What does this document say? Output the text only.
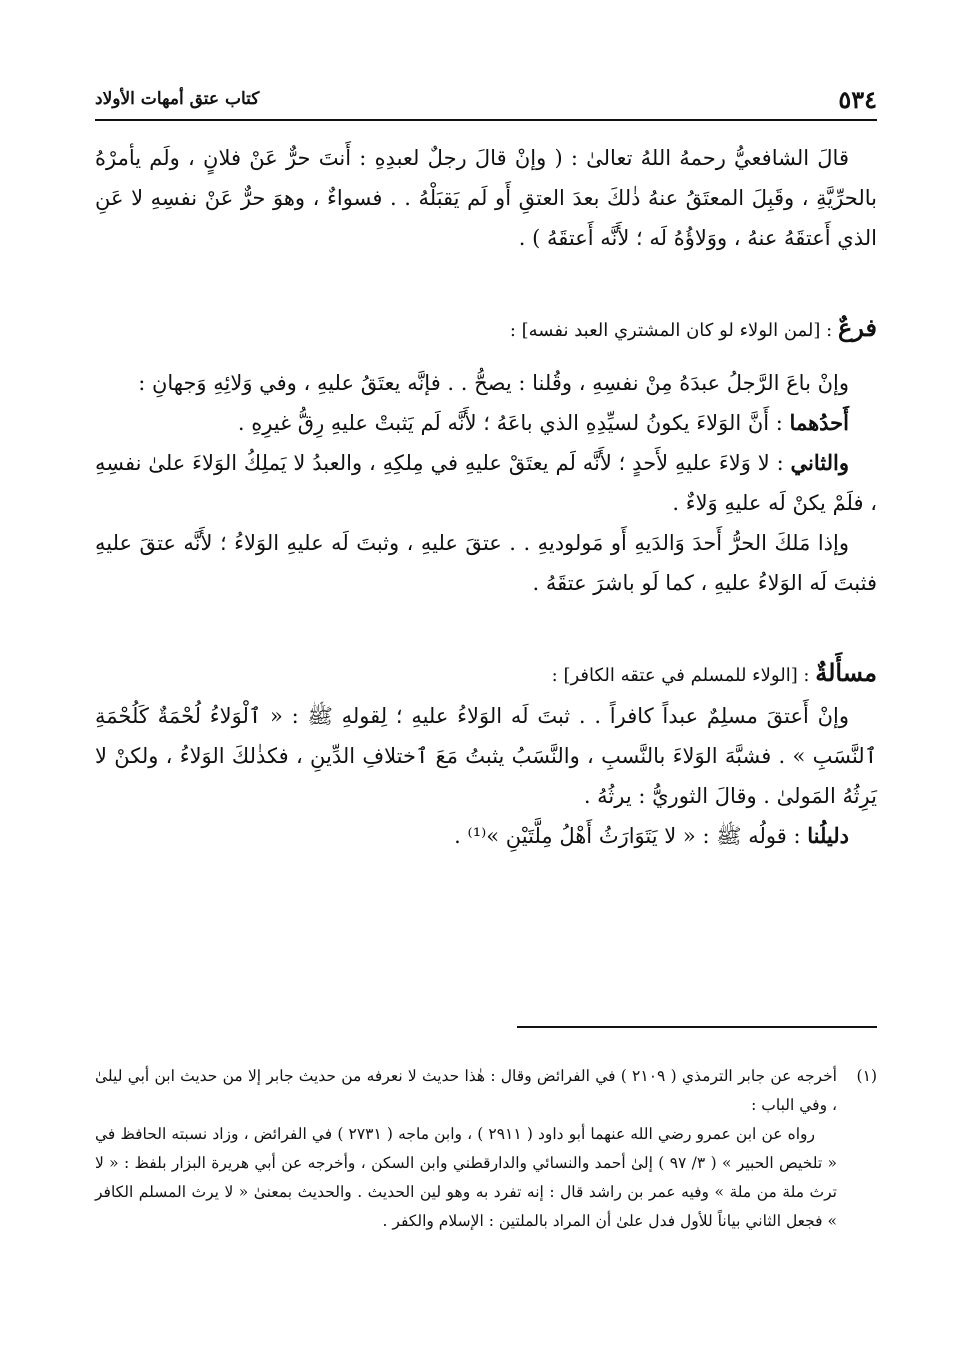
٥٣٤
كتاب عتق أمهات الأولاد

قالَ الشافعيُّ رحمهُ اللهُ تعالىٰ : ( وإنْ قالَ رجلٌ لعبدِهِ : أَنتَ حرٌّ عَنْ فلانٍ ، ولَم يأمرْهُ بالحرِّيَّةِ ، وقَبِلَ المعتَقُ عنهُ ذٰلكَ بعدَ العتقِ أَو لَم يَقبَلْهُ . . فسواءٌ ، وهوَ حرٌّ عَنْ نفسِهِ لا عَنِ الذي أَعتقَهُ عنهُ ، ووَلاؤُهُ لَه ؛ لأَنَّه أَعتقَهُ ) .

فرعٌ : [لمن الولاء لو كان المشتري العبد نفسه] :

وإنْ باعَ الرَّجلُ عبدَهُ مِنْ نفسِهِ ، وقُلنا : يصحُّ . . فإنَّه يعتَقُ عليهِ ، وفي وَلائِهِ وَجهانِ :

أَحدُهما : أَنَّ الوَلاءَ يكونُ لسيِّدِهِ الذي باعَهُ ؛ لأَنَّه لَم يَثبتْ عليهِ رِقُّ غيرِهِ .

والثاني : لا وَلاءَ عليهِ لأَحدٍ ؛ لأَنَّه لَم يعتَقْ عليهِ في مِلكِهِ ، والعبدُ لا يَملِكُ الوَلاءَ علىٰ نفسِهِ ، فلَمْ يكنْ لَه عليهِ وَلاءٌ .

وإذا مَلكَ الحرُّ أَحدَ وَالدَيهِ أَو مَولوديهِ . . عتقَ عليهِ ، وثبتَ لَه عليهِ الوَلاءُ ؛ لأَنَّه عتقَ عليهِ فثبتَ لَه الوَلاءُ عليهِ ، كما لَو باشرَ عتقَهُ .

مسأَلةٌ : [الولاء للمسلم في عتقه الكافر] :

وإنْ أَعتقَ مسلِمٌ عبداً كافراً . . ثبتَ لَه الوَلاءُ عليهِ ؛ لِقولهِ ﷺ : « ٱلْوَلاءُ لُحْمَةٌ كَلُحْمَةِ ٱلنَّسَبِ » . فشبَّهَ الوَلاءَ بالنَّسبِ ، والنَّسَبُ يثبتُ مَعَ ٱختلافِ الدِّينِ ، فكذٰلكَ الوَلاءُ ، ولكنْ لا يَرِثُهُ المَولىٰ . وقالَ الثوريُّ : يرثُهُ .

دليلُنا : قولُه ﷺ : « لا يَتَوَارَثُ أَهْلُ مِلَّتَيْنِ »⁽¹⁾ .

(١)

أخرجه عن جابر الترمذي ( ٢١٠٩ ) في الفرائض وقال : هٰذا حديث لا نعرفه من حديث جابر إلا من حديث ابن أبي ليلىٰ ، وفي الباب :

رواه عن ابن عمرو رضي الله عنهما أبو داود ( ٢٩١١ ) ، وابن ماجه ( ٢٧٣١ ) في الفرائض ، وزاد نسبته الحافظ في « تلخيص الحبير » ( ٣/ ٩٧ ) إلىٰ أحمد والنسائي والدارقطني وابن السكن ، وأخرجه عن أبي هريرة البزار بلفظ : « لا ترث ملة من ملة » وفيه عمر بن راشد قال : إنه تفرد به وهو لين الحديث . والحديث بمعنىٰ « لا يرث المسلم الكافر » فجعل الثاني بياناً للأول فدل علىٰ أن المراد بالملتين : الإسلام والكفر .
